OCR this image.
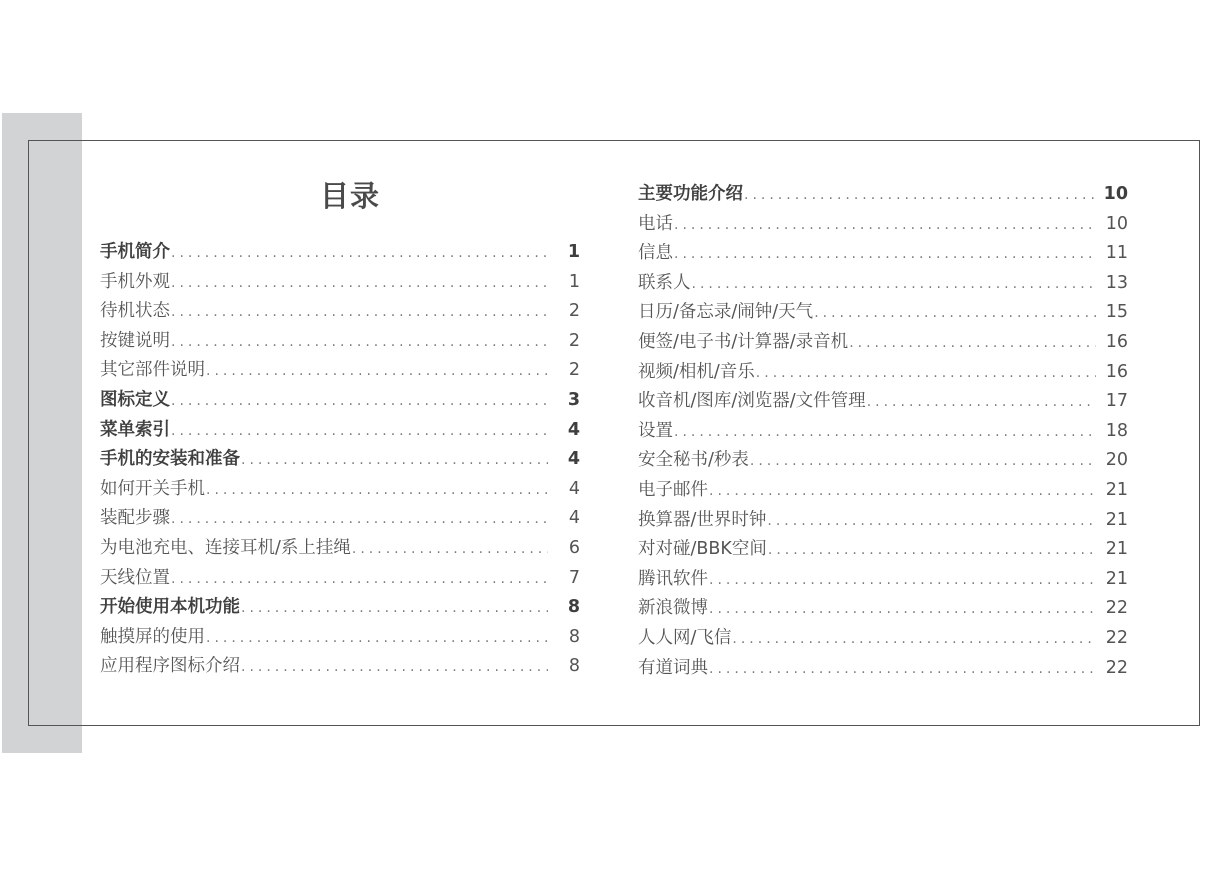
目录
手机简介 .....	1
手机外观 .....	1
待机状态 .....	2
按键说明 .....	2
其它部件说明 .....	2
图标定义 .....	3
菜单索引 .....	4
手机的安装和准备 .....	4
如何开关手机 .....	4
装配步骤 .....	4
为电池充电、连接耳机/系上挂绳 .....	6
天线位置 .....	7
开始使用本机功能 .....	8
触摸屏的使用 .....	8
应用程序图标介绍 .....	8
主要功能介绍 .....	10
电话 .....	10
信息 .....	11
联系人 .....	13
日历/备忘录/闹钟/天气 .....	15
便签/电子书/计算器/录音机 .....	16
视频/相机/音乐 .....	16
收音机/图库/浏览器/文件管理 .....	17
设置 .....	18
安全秘书/秒表 .....	20
电子邮件 .....	21
换算器/世界时钟 .....	21
对对碰/BBK空间 .....	21
腾讯软件 .....	21
新浪微博 .....	22
人人网/飞信 .....	22
有道词典 .....	22
